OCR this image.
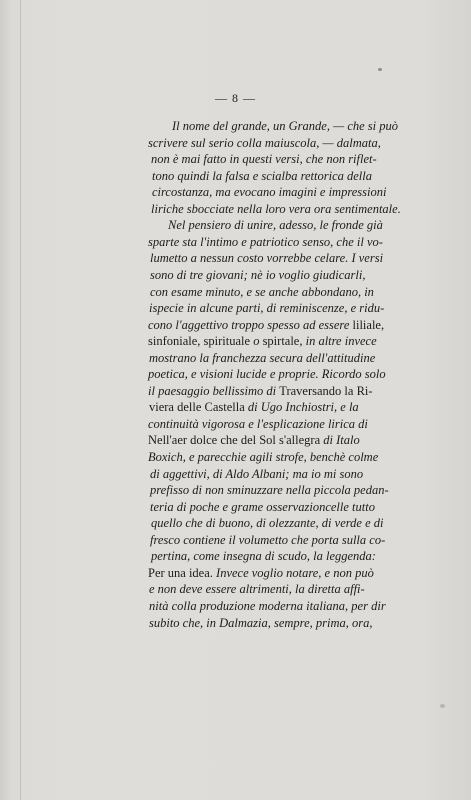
— 8 —
Il nome del grande, un Grande, — che si può
scrivere sul serio colla maiuscola, — dalmata,
non è mai fatto in questi versi, che non riflet-
tono quindi la falsa e scialba rettorica della
circostanza, ma evocano imagini e impressioni
liriche sbocciate nella loro vera ora sentimentale.
Nel pensiero di unire, adesso, le fronde già
sparte sta l'intimo e patriotico senso, che il vo-
lumetto a nessun costo vorrebbe celare. I versi
sono di tre giovani; nè io voglio giudicarli,
con esame minuto, e se anche abbondano, in
ispecie in alcune parti, di reminiscenze, e ridu-
cono l'aggettivo troppo spesso ad essere liliale,
sinfoniale, spirituale o spirtale, in altre invece
mostrano la franchezza secura dell'attitudine
poetica, e visioni lucide e proprie. Ricordo solo
il paesaggio bellissimo di Traversando la Ri-
viera delle Castella di Ugo Inchiostri, e la
continuità vigorosa e l'esplicazione lirica di
Nell'aer dolce che del Sol s'allegra di Italo
Boxich, e parecchie agili strofe, benchè colme
di aggettivi, di Aldo Albani; ma io mi sono
prefisso di non sminuzzare nella piccola pedan-
teria di poche e grame osservazioncelle tutto
quello che di buono, di olezzante, di verde e di
fresco contiene il volumetto che porta sulla co-
pertina, come insegna di scudo, la leggenda:
Per una idea. Invece voglio notare, e non può
e non deve essere altrimenti, la diretta affi-
nità colla produzione moderna italiana, per dir
subito che, in Dalmazia, sempre, prima, ora,
